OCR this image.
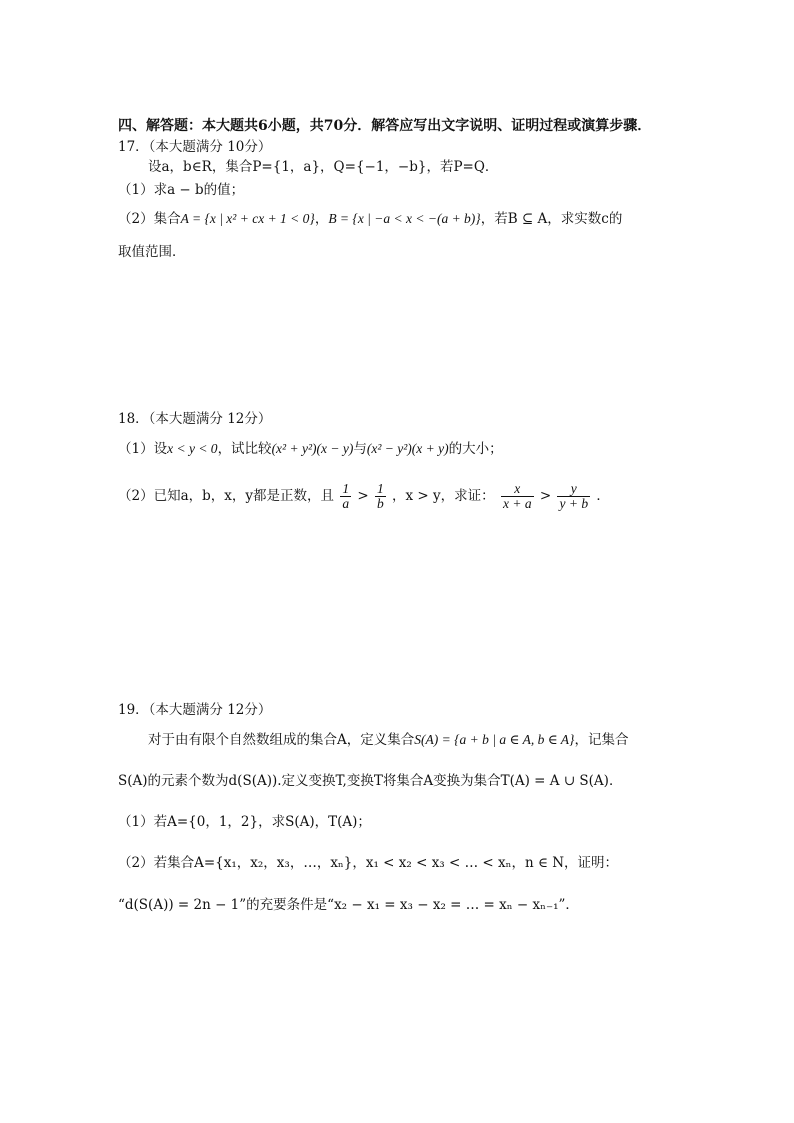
四、解答题：本大题共6小题，共70分．解答应写出文字说明、证明过程或演算步骤．
17．（本大题满分 10分）
设a，b∈R，集合P={1，a}，Q={−1，−b}，若P=Q．
（1）求a − b的值；
（2）集合A = {x | x² + cx + 1 < 0}，B = {x | −a < x < −(a + b)}，若B ⊆ A，求实数c的
取值范围．
18．（本大题满分 12分）
（1）设x < y < 0，试比较(x² + y²)(x − y)与(x² − y²)(x + y)的大小；
（2）已知a，b，x，y都是正数，且 $\frac{1}{a} > \frac{1}{b}$ ，x > y，求证： $\frac{x}{x + a} > \frac{y}{y + b}$ ．
19．（本大题满分 12分）
对于由有限个自然数组成的集合A，定义集合S(A) = {a + b | a ∈ A, b ∈ A}，记集合
S(A)的元素个数为d(S(A)).定义变换T,变换T将集合A变换为集合T(A) = A ∪ S(A)．
（1）若A={0，1，2}，求S(A)，T(A)；
（2）若集合A={x₁，x₂，x₃，…，xₙ}，x₁ < x₂ < x₃ < … < xₙ，n ∈ N，证明：
“d(S(A)) = 2n − 1”的充要条件是“x₂ − x₁ = x₃ − x₂ = … = xₙ − xₙ₋₁”．
